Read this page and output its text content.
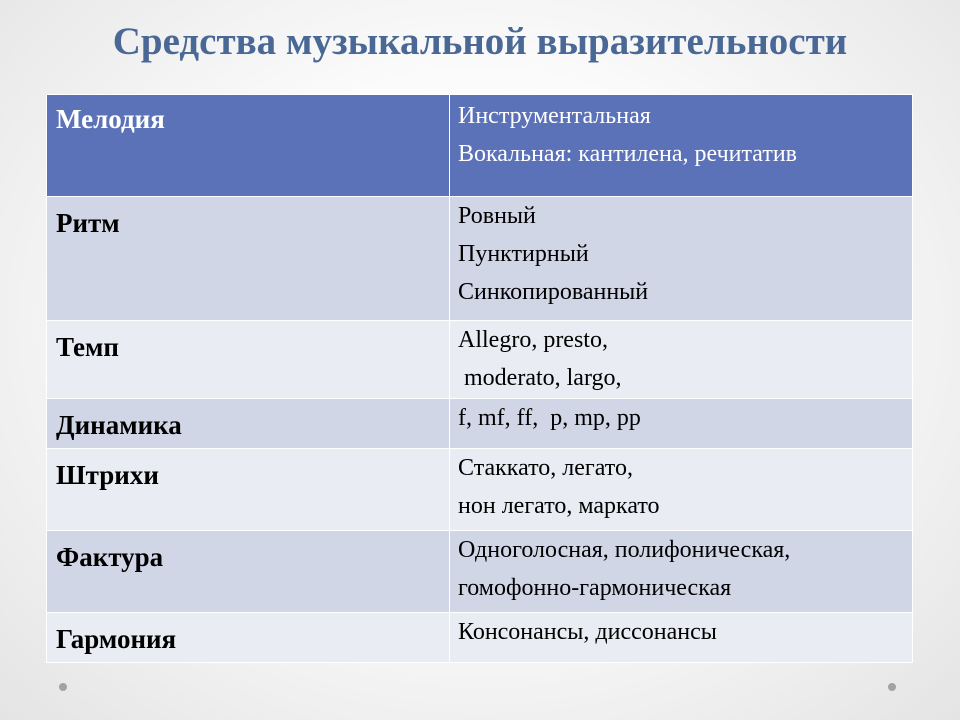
Средства музыкальной выразительности
Мелодия	Инструментальная
Вокальная: кантилена, речитатив

Ритм	Ровный
Пунктирный
Синкопированный

Темп	Allegro, presto,
moderato, largo,

Динамика	f, mf, ff,  p, mp, pp

Штрихи	Стаккато, легато,
нон легато, маркато

Фактура	Одноголосная, полифоническая,
гомофонно-гармоническая

Гармония	Консонансы, диссонансы
